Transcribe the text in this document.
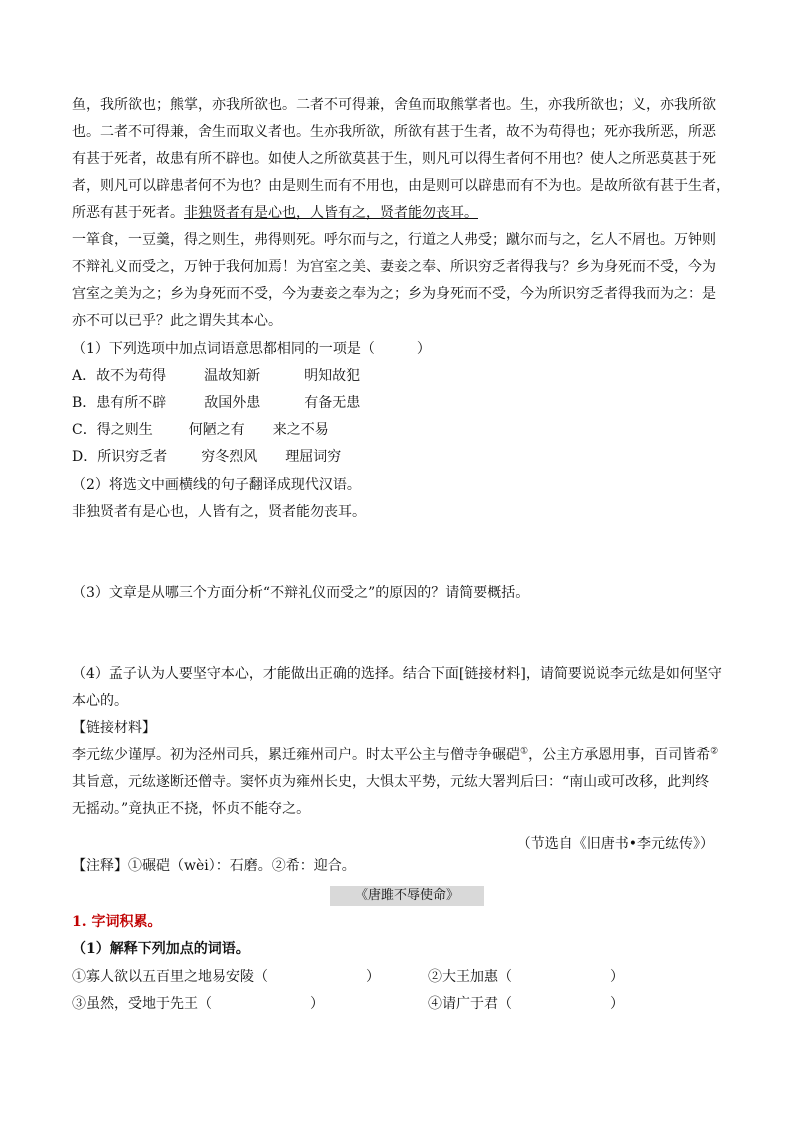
鱼，我所欲也；熊掌，亦我所欲也。二者不可得兼，舍鱼而取熊掌者也。生，亦我所欲也；义，亦我所欲
也。二者不可得兼，舍生而取义者也。生亦我所欲，所欲有甚于生者，故不为苟得也；死亦我所恶，所恶
有甚于死者，故患有所不辟也。如使人之所欲莫甚于生，则凡可以得生者何不用也？使人之所恶莫甚于死
者，则凡可以辟患者何不为也？由是则生而有不用也，由是则可以辟患而有不为也。是故所欲有甚于生者，
所恶有甚于死者。非独贤者有是心也，人皆有之，贤者能勿丧耳。
一箪食，一豆羹，得之则生，弗得则死。呼尔而与之，行道之人弗受；蹴尔而与之，乞人不屑也。万钟则
不辩礼义而受之，万钟于我何加焉！为宫室之美、妻妾之奉、所识穷乏者得我与？乡为身死而不受，今为
宫室之美为之；乡为身死而不受，今为妻妾之奉为之；乡为身死而不受，今为所识穷乏者得我而为之：是
亦不可以已乎？此之谓失其本心。
（1）下列选项中加点词语意思都相同的一项是（　　　）
A．故不为苟得	温故知新	明知故犯
B．患有所不辟	敌国外患	有备无患
C．得之则生	何陋之有 来之不易
D．所识穷乏者 穷冬烈风 理屈词穷
（2）将选文中画横线的句子翻译成现代汉语。
非独贤者有是心也，人皆有之，贤者能勿丧耳。
（3）文章是从哪三个方面分析“不辩礼仪而受之”的原因的？请简要概括。
（4）孟子认为人要坚守本心，才能做出正确的选择。结合下面[链接材料]，请简要说说李元纮是如何坚守
本心的。
【链接材料】
李元纮少谨厚。初为泾州司兵，累迁雍州司户。时太平公主与僧寺争碾硙①，公主方承恩用事，百司皆希②
其旨意，元纮遂断还僧寺。窦怀贞为雍州长史，大惧太平势，元纮大署判后曰：“南山或可改移，此判终
无摇动。”竟执正不挠，怀贞不能夺之。
（节选自《旧唐书•李元纮传》）
【注释】①碾硙（wèi）：石磨。②希：迎合。
《唐雎不辱使命》
1. 字词积累。
（1）解释下列加点的词语。
①寡人欲以五百里之地易安陵（　　　　　　　）	②大王加惠（　　　　　　　）
③虽然，受地于先王（　　　　　　　）	④请广于君（　　　　　　　）
